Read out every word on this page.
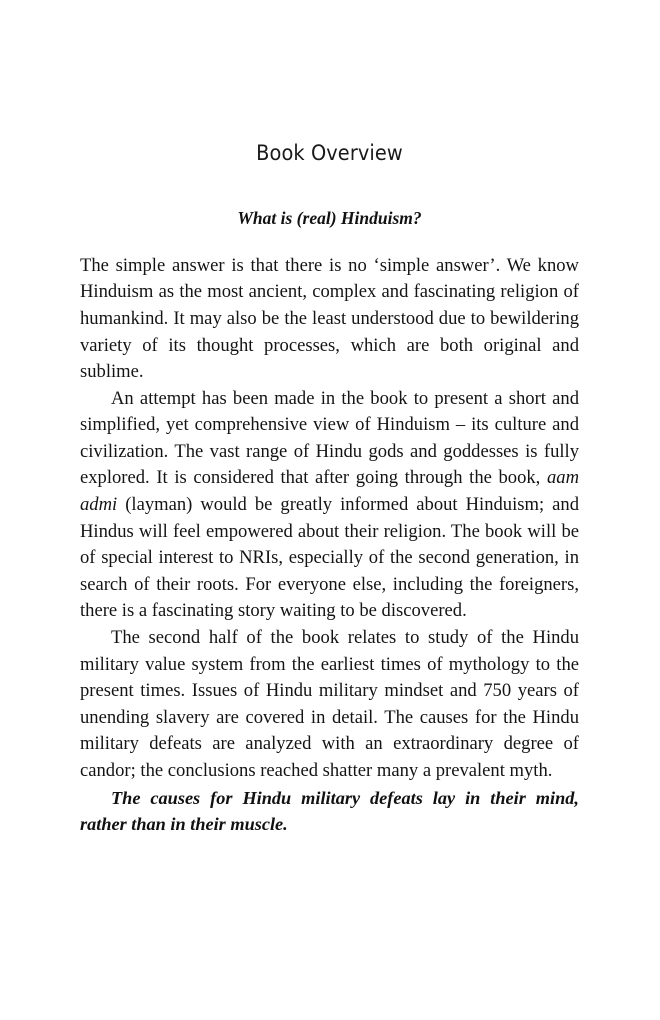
Book Overview
What is (real) Hinduism?

The simple answer is that there is no ‘simple answer’. We know Hinduism as the most ancient, complex and fascinating religion of humankind. It may also be the least understood due to bewildering variety of its thought processes, which are both original and sublime.

An attempt has been made in the book to present a short and simplified, yet comprehensive view of Hinduism – its culture and civilization. The vast range of Hindu gods and goddesses is fully explored. It is considered that after going through the book, aam admi (layman) would be greatly informed about Hinduism; and Hindus will feel empowered about their religion. The book will be of special interest to NRIs, especially of the second generation, in search of their roots. For everyone else, including the foreigners, there is a fascinating story waiting to be discovered.

The second half of the book relates to study of the Hindu military value system from the earliest times of mythology to the present times. Issues of Hindu military mindset and 750 years of unending slavery are covered in detail. The causes for the Hindu military defeats are analyzed with an extraordinary degree of candor; the conclusions reached shatter many a prevalent myth.

The causes for Hindu military defeats lay in their mind, rather than in their muscle.
